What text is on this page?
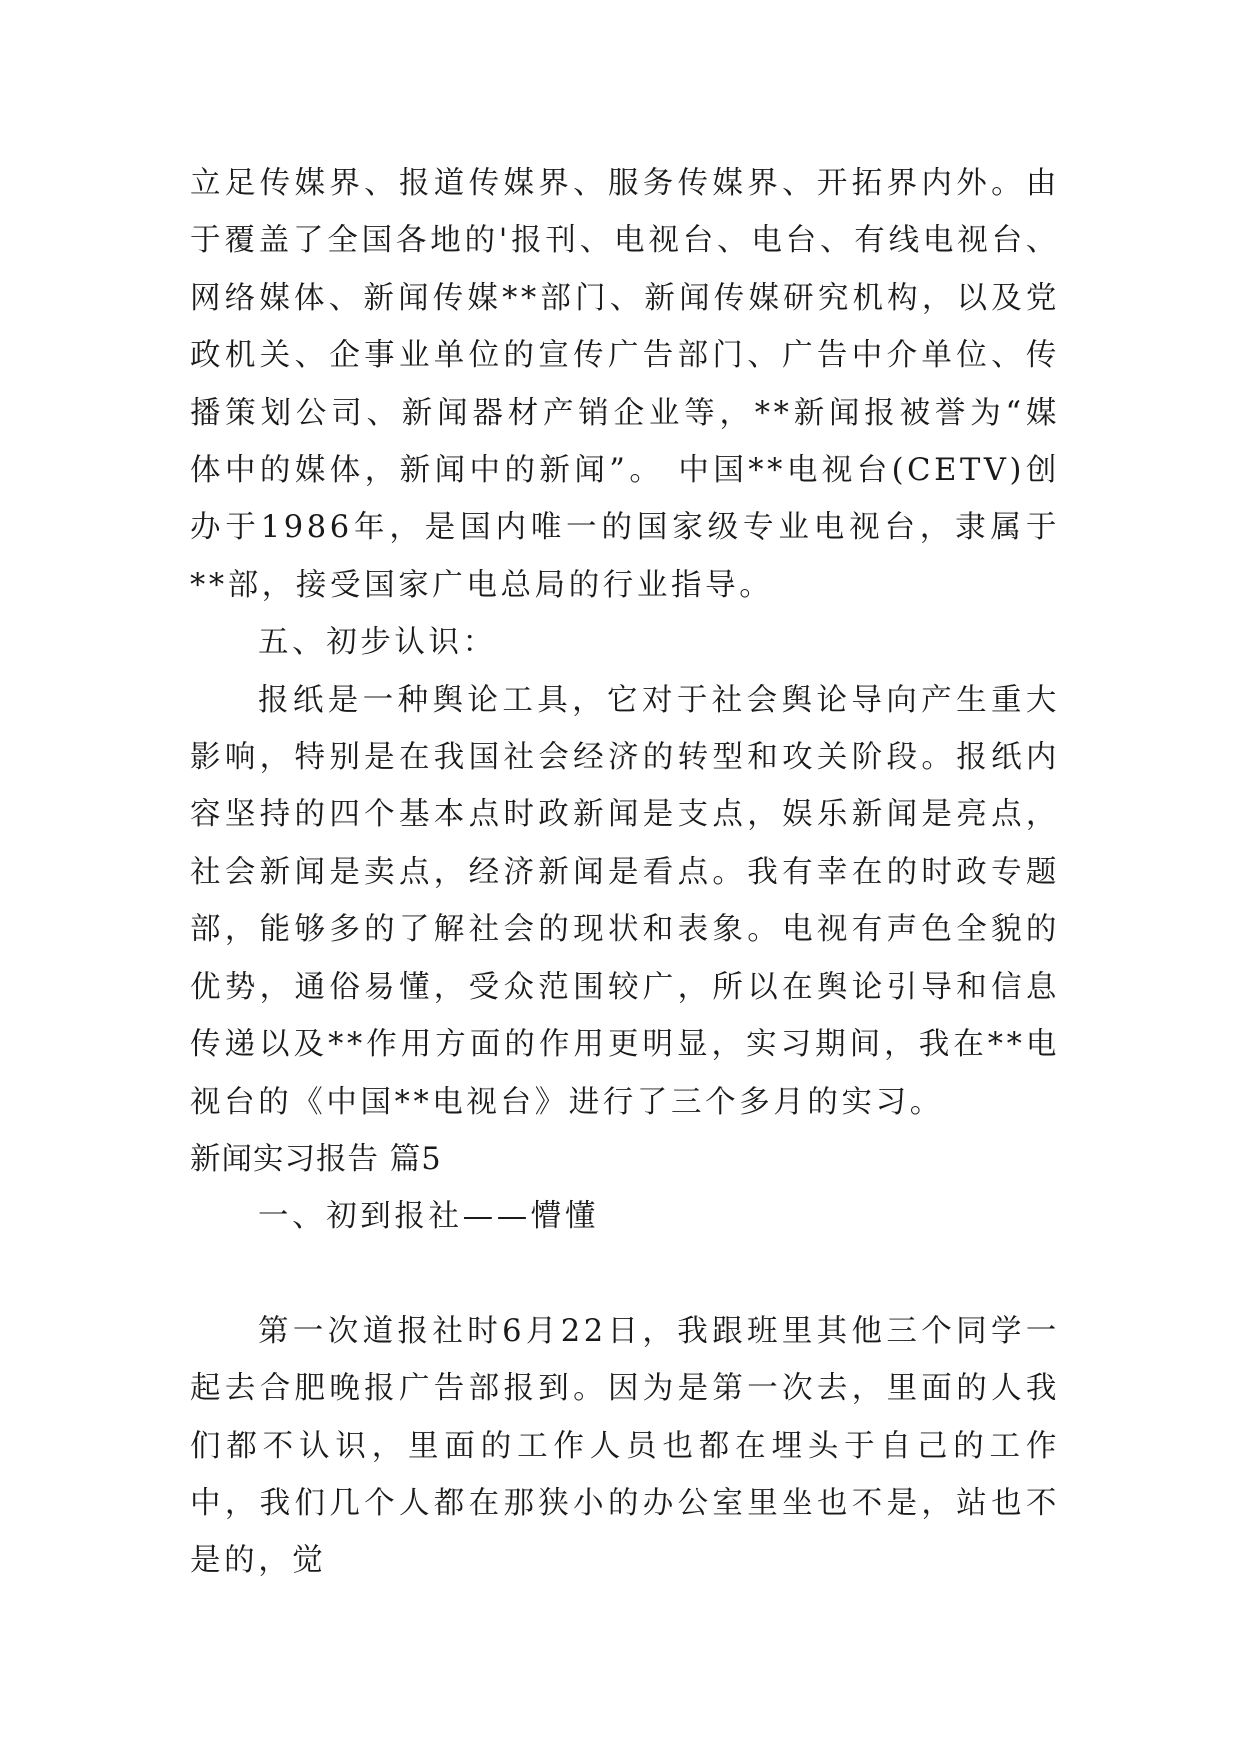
立足传媒界、报道传媒界、服务传媒界、开拓界内外。由于覆盖了全国各地的'报刊、电视台、电台、有线电视台、网络媒体、新闻传媒**部门、新闻传媒研究机构，以及党政机关、企事业单位的宣传广告部门、广告中介单位、传播策划公司、新闻器材产销企业等，**新闻报被誉为“媒体中的媒体，新闻中的新闻”。 中国**电视台(CETV)创办于1986年，是国内唯一的国家级专业电视台，隶属于**部，接受国家广电总局的行业指导。

五、初步认识：

报纸是一种舆论工具，它对于社会舆论导向产生重大影响，特别是在我国社会经济的转型和攻关阶段。报纸内容坚持的四个基本点时政新闻是支点，娱乐新闻是亮点，社会新闻是卖点，经济新闻是看点。我有幸在的时政专题部，能够多的了解社会的现状和表象。电视有声色全貌的优势，通俗易懂，受众范围较广，所以在舆论引导和信息传递以及**作用方面的作用更明显，实习期间，我在**电视台的《中国**电视台》进行了三个多月的实习。

新闻实习报告 篇5

一、初到报社——懵懂

第一次道报社时6月22日，我跟班里其他三个同学一起去合肥晚报广告部报到。因为是第一次去，里面的人我们都不认识，里面的工作人员也都在埋头于自己的工作中，我们几个人都在那狭小的办公室里坐也不是，站也不是的，觉
